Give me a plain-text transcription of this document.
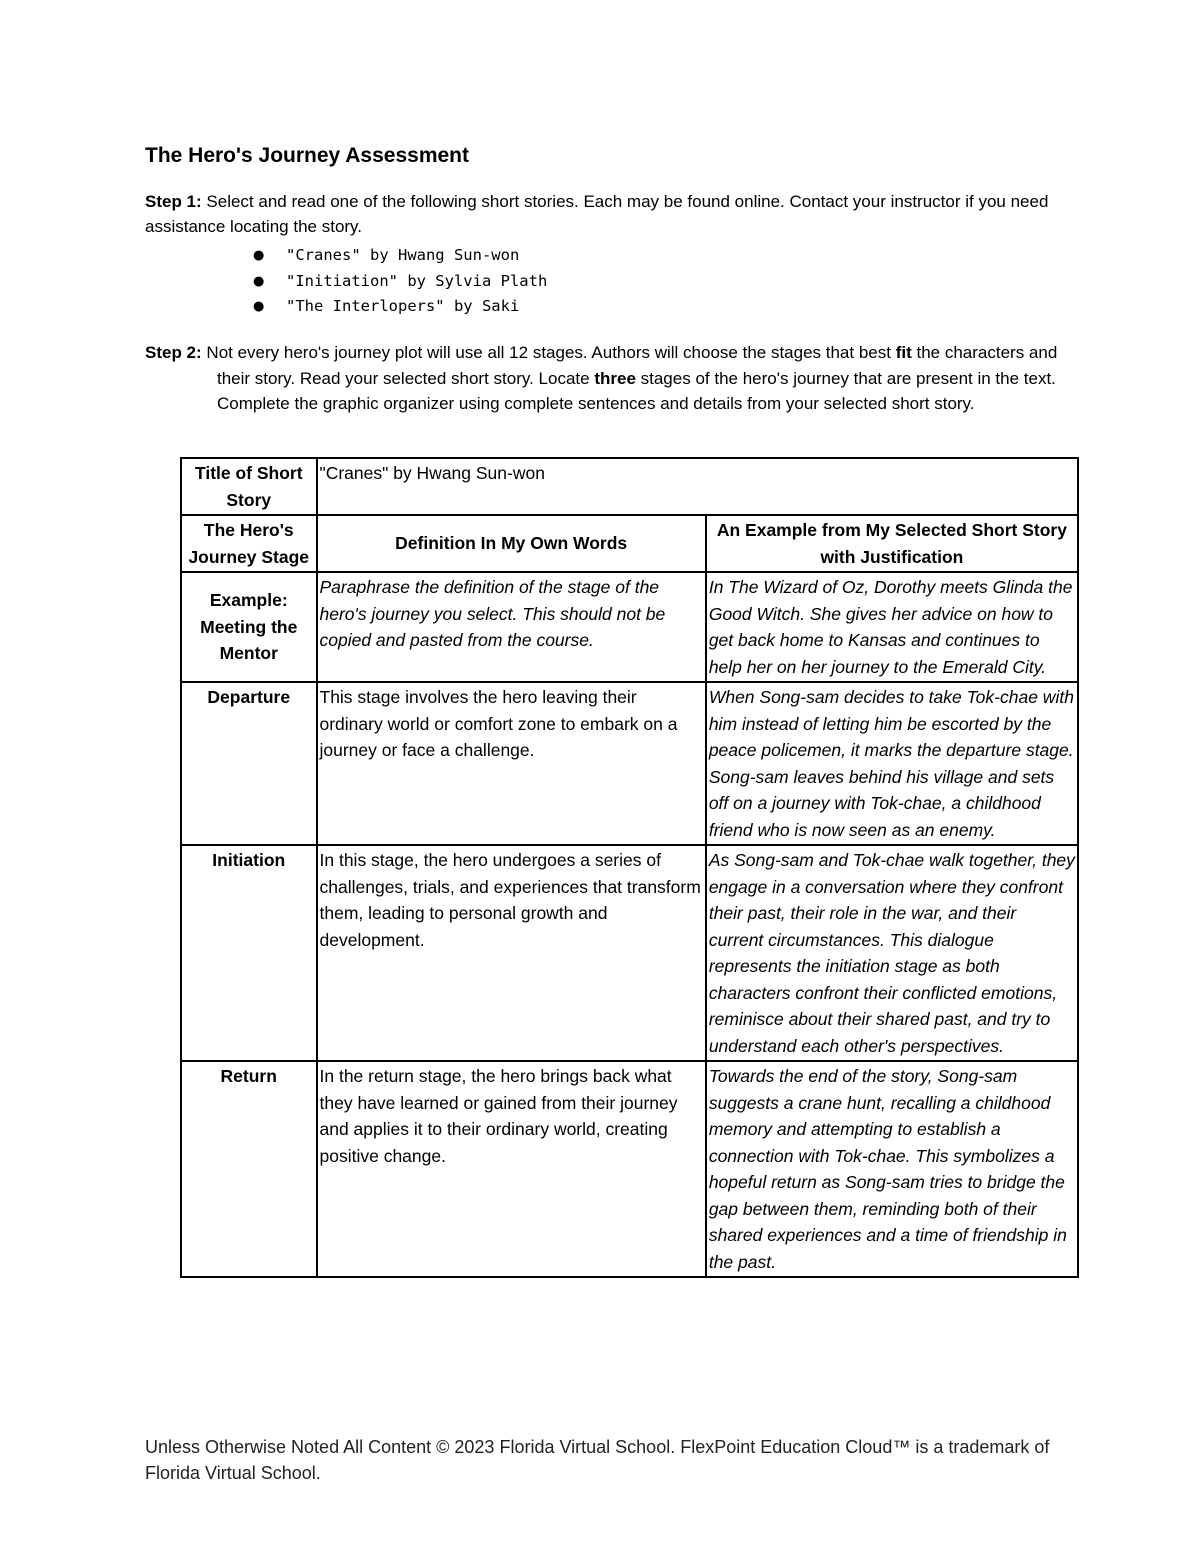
The Hero's Journey Assessment
Step 1: Select and read one of the following short stories. Each may be found online. Contact your instructor if you need assistance locating the story.
● "Cranes" by Hwang Sun-won
● "Initiation" by Sylvia Plath
● "The Interlopers" by Saki
Step 2: Not every hero's journey plot will use all 12 stages. Authors will choose the stages that best fit the characters and their story. Read your selected short story. Locate three stages of the hero's journey that are present in the text. Complete the graphic organizer using complete sentences and details from your selected short story.
Title of Short Story	"Cranes" by Hwang Sun-won	
The Hero's Journey Stage	Definition In My Own Words	An Example from My Selected Short Story with Justification
Example: Meeting the Mentor	Paraphrase the definition of the stage of the hero's journey you select. This should not be copied and pasted from the course.	In The Wizard of Oz, Dorothy meets Glinda the Good Witch. She gives her advice on how to get back home to Kansas and continues to help her on her journey to the Emerald City.
Departure	This stage involves the hero leaving their ordinary world or comfort zone to embark on a journey or face a challenge.	When Song-sam decides to take Tok-chae with him instead of letting him be escorted by the peace policemen, it marks the departure stage. Song-sam leaves behind his village and sets off on a journey with Tok-chae, a childhood friend who is now seen as an enemy.
Initiation	In this stage, the hero undergoes a series of challenges, trials, and experiences that transform them, leading to personal growth and development.	As Song-sam and Tok-chae walk together, they engage in a conversation where they confront their past, their role in the war, and their current circumstances. This dialogue represents the initiation stage as both characters confront their conflicted emotions, reminisce about their shared past, and try to understand each other's perspectives.
Return	In the return stage, the hero brings back what they have learned or gained from their journey and applies it to their ordinary world, creating positive change.	Towards the end of the story, Song-sam suggests a crane hunt, recalling a childhood memory and attempting to establish a connection with Tok-chae. This symbolizes a hopeful return as Song-sam tries to bridge the gap between them, reminding both of their shared experiences and a time of friendship in the past.
Unless Otherwise Noted All Content © 2023 Florida Virtual School. FlexPoint Education Cloud™ is a trademark of Florida Virtual School.
